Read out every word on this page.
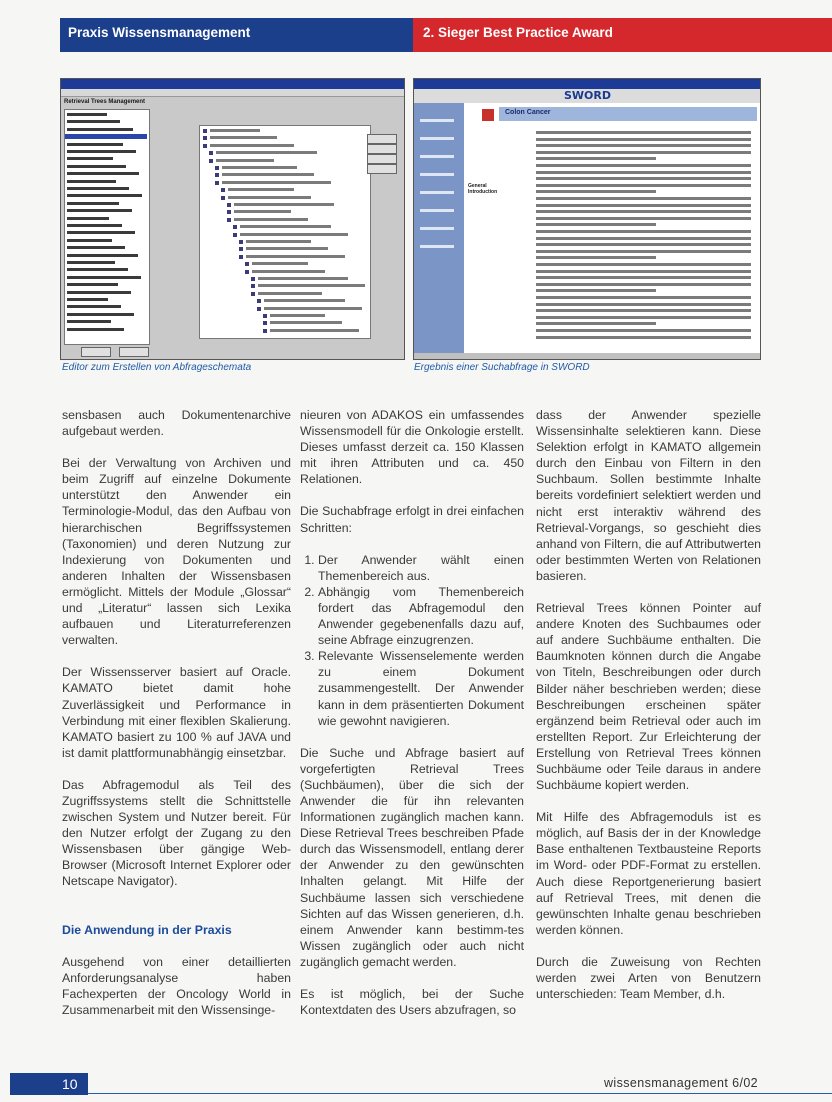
Praxis Wissensmanagement	2. Sieger Best Practice Award
Retrieval Trees Management	SWORD
Colon Cancer
General Introduction
Editor zum Erstellen von Abfrageschemata	Ergebnis einer Suchabfrage in SWORD

sensbasen auch Dokumentenarchive aufgebaut werden.

Bei der Verwaltung von Archiven und beim Zugriff auf einzelne Dokumente unterstützt den Anwender ein Terminologie-Modul, das den Aufbau von hierarchischen Begriffssystemen (Taxonomien) und deren Nutzung zur Indexierung von Dokumenten und anderen Inhalten der Wissensbasen ermöglicht. Mittels der Module „Glossar“ und „Literatur“ lassen sich Lexika aufbauen und Literaturreferenzen verwalten.

Der Wissensserver basiert auf Oracle. KAMATO bietet damit hohe Zuverlässigkeit und Performance in Verbindung mit einer flexiblen Skalierung. KAMATO basiert zu 100 % auf JAVA und ist damit plattformunabhängig einsetzbar.

Das Abfragemodul als Teil des Zugriffssystems stellt die Schnittstelle zwischen System und Nutzer bereit. Für den Nutzer erfolgt der Zugang zu den Wissensbasen über gängige Web-Browser (Microsoft Internet Explorer oder Netscape Navigator).

Die Anwendung in der Praxis

Ausgehend von einer detaillierten Anforderungsanalyse haben Fachexperten der Oncology World in Zusammenarbeit mit den Wissensinge-

nieuren von ADAKOS ein umfassendes Wissensmodell für die Onkologie erstellt. Dieses umfasst derzeit ca. 150 Klassen mit ihren Attributen und ca. 450 Relationen.

Die Suchabfrage erfolgt in drei einfachen Schritten:

1. Der Anwender wählt einen Themenbereich aus.
2. Abhängig vom Themenbereich fordert das Abfragemodul den Anwender gegebenenfalls dazu auf, seine Abfrage einzugrenzen.
3. Relevante Wissenselemente werden zu einem Dokument zusammengestellt. Der Anwender kann in dem präsentierten Dokument wie gewohnt navigieren.

Die Suche und Abfrage basiert auf vorgefertigten Retrieval Trees (Suchbäumen), über die sich der Anwender die für ihn relevanten Informationen zugänglich machen kann. Diese Retrieval Trees beschreiben Pfade durch das Wissensmodell, entlang derer der Anwender zu den gewünschten Inhalten gelangt. Mit Hilfe der Suchbäume lassen sich verschiedene Sichten auf das Wissen generieren, d.h. einem Anwender kann bestimm-tes Wissen zugänglich oder auch nicht zugänglich gemacht werden.

Es ist möglich, bei der Suche Kontextdaten des Users abzufragen, so

dass der Anwender spezielle Wissensinhalte selektieren kann. Diese Selektion erfolgt in KAMATO allgemein durch den Einbau von Filtern in den Suchbaum. Sollen bestimmte Inhalte bereits vordefiniert selektiert werden und nicht erst interaktiv während des Retrieval-Vorgangs, so geschieht dies anhand von Filtern, die auf Attributwerten oder bestimmten Werten von Relationen basieren.

Retrieval Trees können Pointer auf andere Knoten des Suchbaumes oder auf andere Suchbäume enthalten. Die Baumknoten können durch die Angabe von Titeln, Beschreibungen oder durch Bilder näher beschrieben werden; diese Beschreibungen erscheinen später ergänzend beim Retrieval oder auch im erstellten Report. Zur Erleichterung der Erstellung von Retrieval Trees können Suchbäume oder Teile daraus in andere Suchbäume kopiert werden.

Mit Hilfe des Abfragemoduls ist es möglich, auf Basis der in der Knowledge Base enthaltenen Textbausteine Reports im Word- oder PDF-Format zu erstellen. Auch diese Reportgenerierung basiert auf Retrieval Trees, mit denen die gewünschten Inhalte genau beschrieben werden können.

Durch die Zuweisung von Rechten werden zwei Arten von Benutzern unterschieden: Team Member, d.h.

10	wissensmanagement 6/02
